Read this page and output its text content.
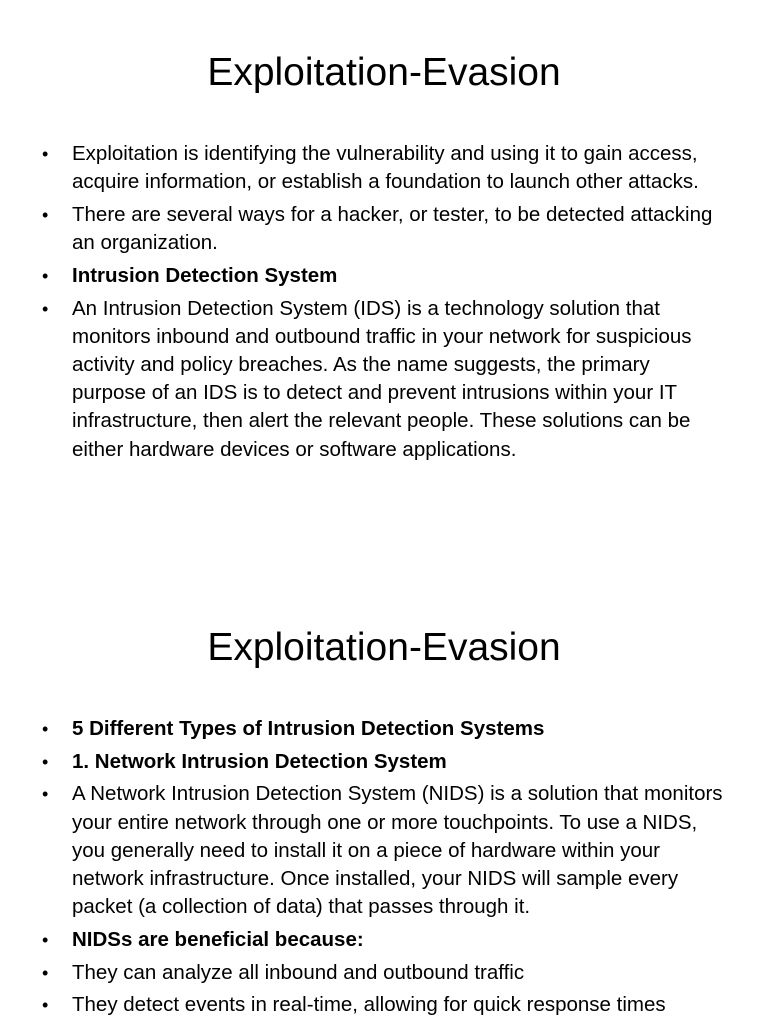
Exploitation-Evasion
• Exploitation is identifying the vulnerability and using it to gain access, acquire information, or establish a foundation to launch other attacks.
• There are several ways for a hacker, or tester, to be detected attacking an organization.
• Intrusion Detection System
• An Intrusion Detection System (IDS) is a technology solution that monitors inbound and outbound traffic in your network for suspicious activity and policy breaches. As the name suggests, the primary purpose of an IDS is to detect and prevent intrusions within your IT infrastructure, then alert the relevant people. These solutions can be either hardware devices or software applications.
Exploitation-Evasion
• 5 Different Types of Intrusion Detection Systems
• 1. Network Intrusion Detection System
• A Network Intrusion Detection System (NIDS) is a solution that monitors your entire network through one or more touchpoints. To use a NIDS, you generally need to install it on a piece of hardware within your network infrastructure. Once installed, your NIDS will sample every packet (a collection of data) that passes through it.
• NIDSs are beneficial because:
• They can analyze all inbound and outbound traffic
• They detect events in real-time, allowing for quick response times
